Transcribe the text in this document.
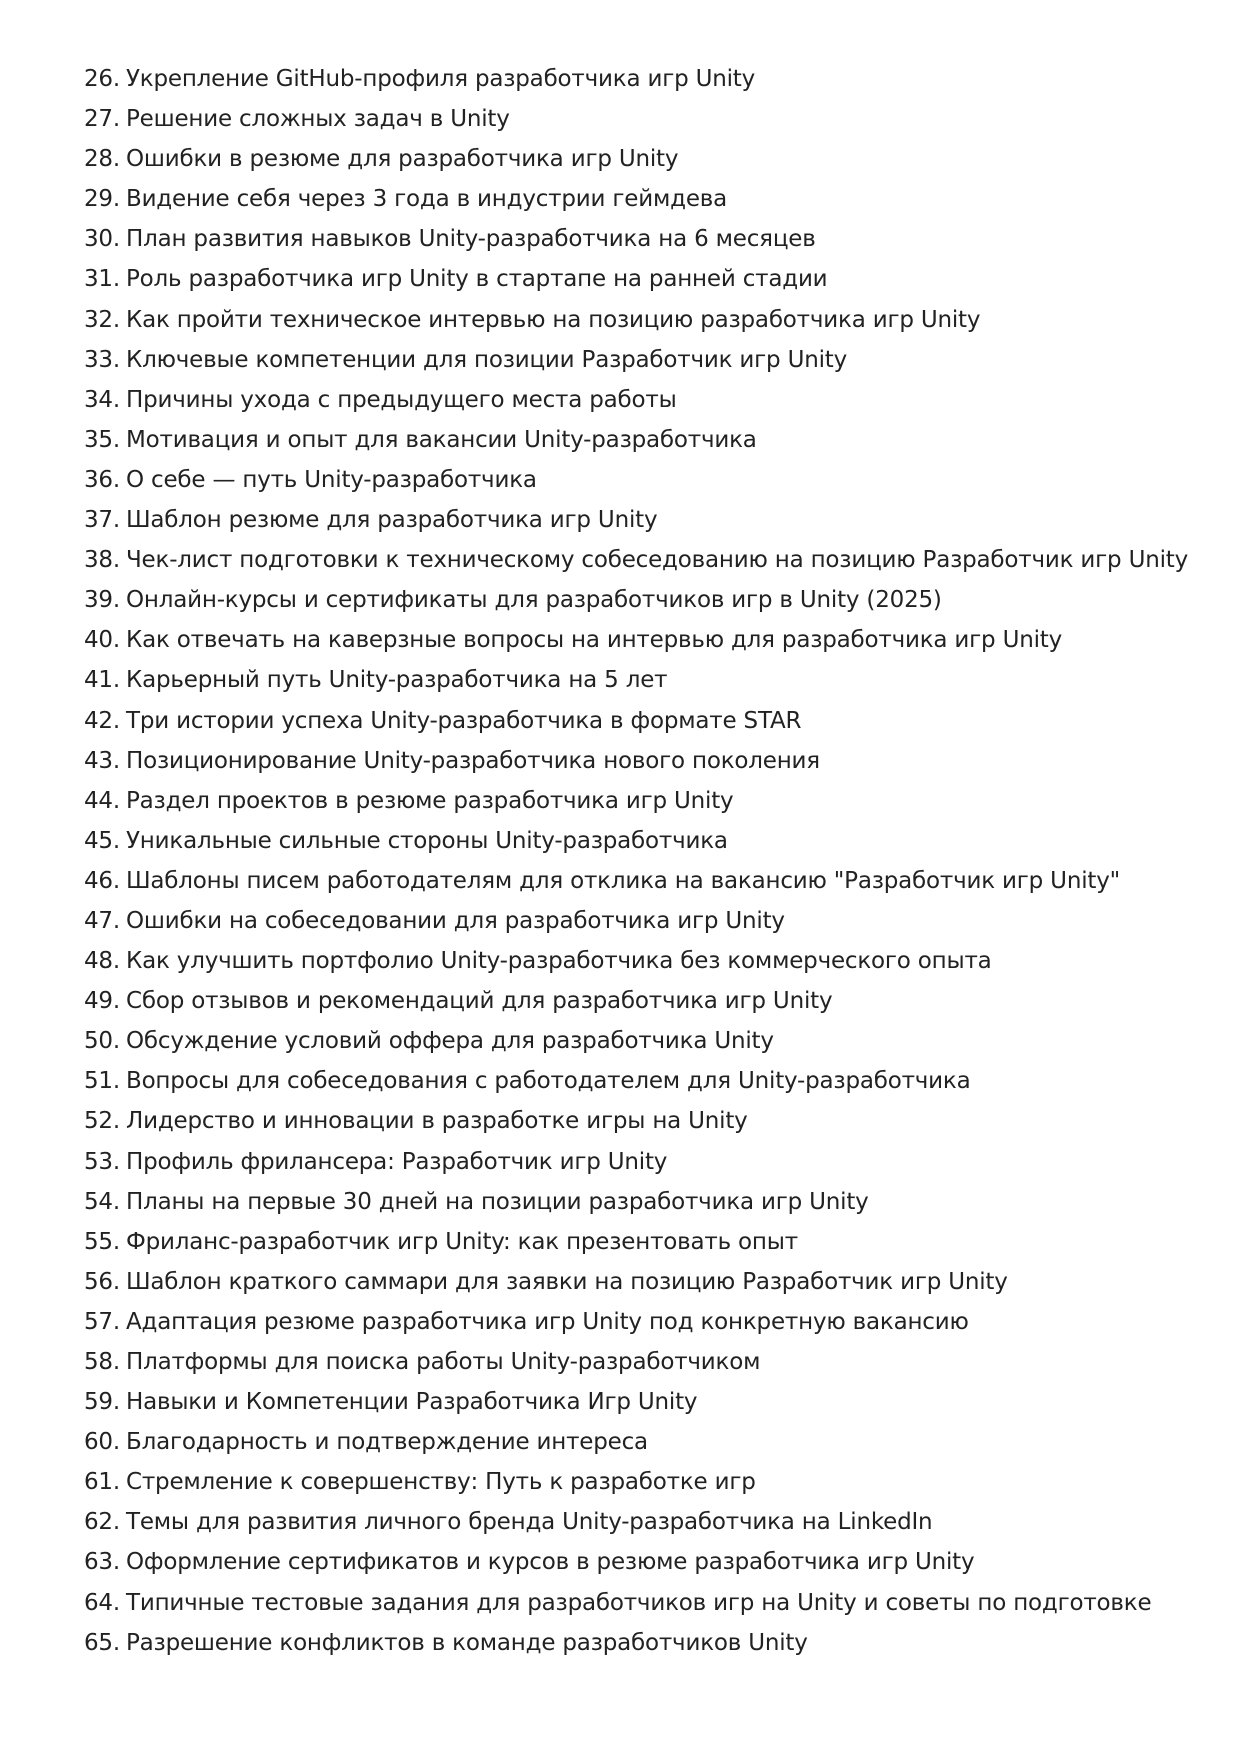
26. Укрепление GitHub-профиля разработчика игр Unity
27. Решение сложных задач в Unity
28. Ошибки в резюме для разработчика игр Unity
29. Видение себя через 3 года в индустрии геймдева
30. План развития навыков Unity-разработчика на 6 месяцев
31. Роль разработчика игр Unity в стартапе на ранней стадии
32. Как пройти техническое интервью на позицию разработчика игр Unity
33. Ключевые компетенции для позиции Разработчик игр Unity
34. Причины ухода с предыдущего места работы
35. Мотивация и опыт для вакансии Unity-разработчика
36. О себе — путь Unity-разработчика
37. Шаблон резюме для разработчика игр Unity
38. Чек-лист подготовки к техническому собеседованию на позицию Разработчик игр Unity
39. Онлайн-курсы и сертификаты для разработчиков игр в Unity (2025)
40. Как отвечать на каверзные вопросы на интервью для разработчика игр Unity
41. Карьерный путь Unity-разработчика на 5 лет
42. Три истории успеха Unity-разработчика в формате STAR
43. Позиционирование Unity-разработчика нового поколения
44. Раздел проектов в резюме разработчика игр Unity
45. Уникальные сильные стороны Unity-разработчика
46. Шаблоны писем работодателям для отклика на вакансию "Разработчик игр Unity"
47. Ошибки на собеседовании для разработчика игр Unity
48. Как улучшить портфолио Unity-разработчика без коммерческого опыта
49. Сбор отзывов и рекомендаций для разработчика игр Unity
50. Обсуждение условий оффера для разработчика Unity
51. Вопросы для собеседования с работодателем для Unity-разработчика
52. Лидерство и инновации в разработке игры на Unity
53. Профиль фрилансера: Разработчик игр Unity
54. Планы на первые 30 дней на позиции разработчика игр Unity
55. Фриланс-разработчик игр Unity: как презентовать опыт
56. Шаблон краткого саммари для заявки на позицию Разработчик игр Unity
57. Адаптация резюме разработчика игр Unity под конкретную вакансию
58. Платформы для поиска работы Unity-разработчиком
59. Навыки и Компетенции Разработчика Игр Unity
60. Благодарность и подтверждение интереса
61. Стремление к совершенству: Путь к разработке игр
62. Темы для развития личного бренда Unity-разработчика на LinkedIn
63. Оформление сертификатов и курсов в резюме разработчика игр Unity
64. Типичные тестовые задания для разработчиков игр на Unity и советы по подготовке
65. Разрешение конфликтов в команде разработчиков Unity
